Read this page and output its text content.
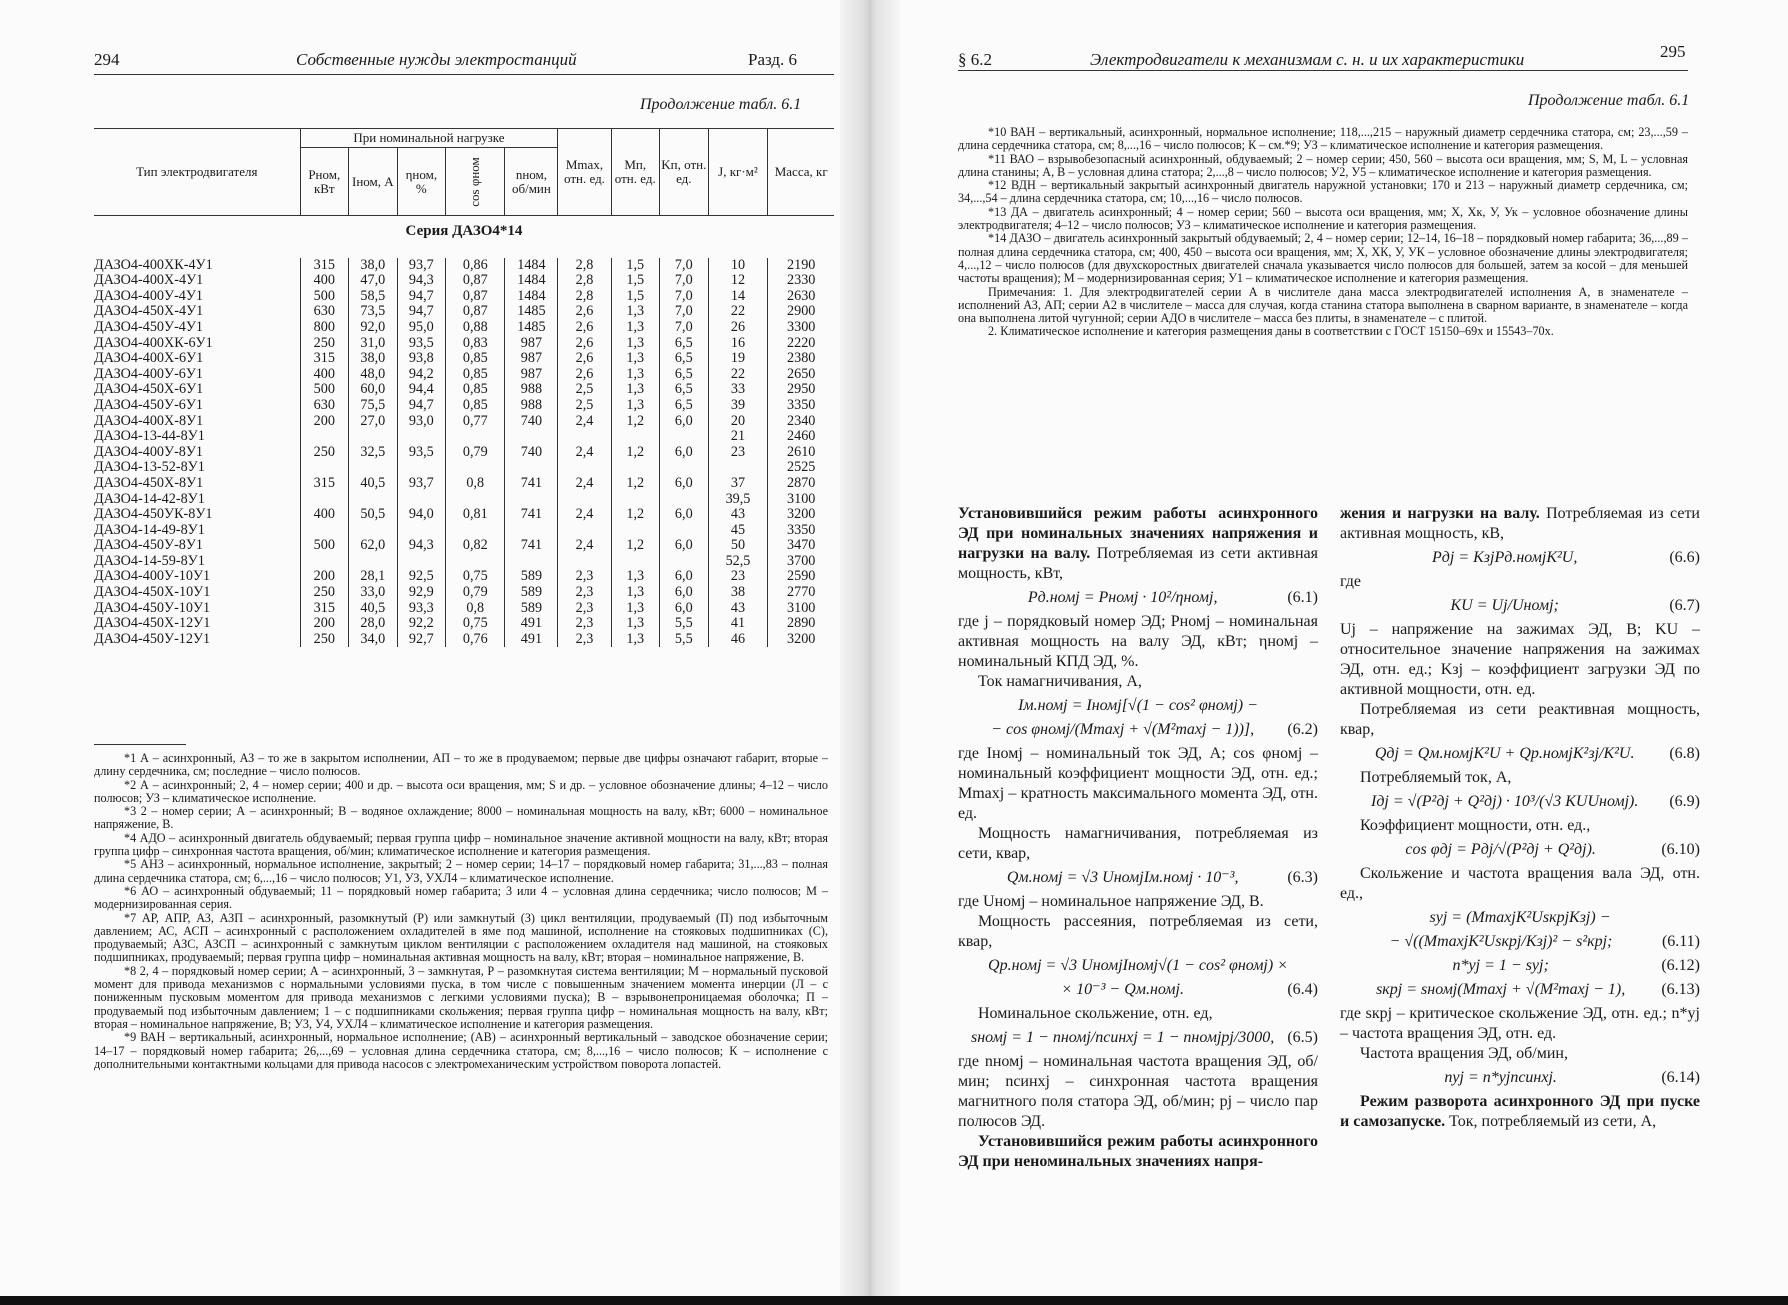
294	Собственные нужды электростанций	Разд. 6
Продолжение табл. 6.1
Тип электродвигателя	При номинальной нагрузке					Mmax, отн. ед.	Mп, отн. ед.	Kп, отн. ед.	J, кг·м²	Масса, кг
	Pном, кВт	Iном, А	ηном, %	cos φном	nном, об/мин					
Серия ДАЗО4*14										
ДАЗО4-400ХК-4У1	315	38,0	93,7	0,86	1484	2,8	1,5	7,0	10	2190
ДАЗО4-400Х-4У1	400	47,0	94,3	0,87	1484	2,8	1,5	7,0	12	2330
ДАЗО4-400У-4У1	500	58,5	94,7	0,87	1484	2,8	1,5	7,0	14	2630
ДАЗО4-450Х-4У1	630	73,5	94,7	0,87	1485	2,6	1,3	7,0	22	2900
ДАЗО4-450У-4У1	800	92,0	95,0	0,88	1485	2,6	1,3	7,0	26	3300
ДАЗО4-400ХК-6У1	250	31,0	93,5	0,83	987	2,6	1,3	6,5	16	2220
ДАЗО4-400Х-6У1	315	38,0	93,8	0,85	987	2,6	1,3	6,5	19	2380
ДАЗО4-400У-6У1	400	48,0	94,2	0,85	987	2,6	1,3	6,5	22	2650
ДАЗО4-450Х-6У1	500	60,0	94,4	0,85	988	2,5	1,3	6,5	33	2950
ДАЗО4-450У-6У1	630	75,5	94,7	0,85	988	2,5	1,3	6,5	39	3350
ДАЗО4-400Х-8У1	200	27,0	93,0	0,77	740	2,4	1,2	6,0	20	2340
ДАЗО4-13-44-8У1									21	2460
ДАЗО4-400У-8У1	250	32,5	93,5	0,79	740	2,4	1,2	6,0	23	2610
ДАЗО4-13-52-8У1										2525
ДАЗО4-450Х-8У1	315	40,5	93,7	0,8	741	2,4	1,2	6,0	37	2870
ДАЗО4-14-42-8У1									39,5	3100
ДАЗО4-450УК-8У1	400	50,5	94,0	0,81	741	2,4	1,2	6,0	43	3200
ДАЗО4-14-49-8У1									45	3350
ДАЗО4-450У-8У1	500	62,0	94,3	0,82	741	2,4	1,2	6,0	50	3470
ДАЗО4-14-59-8У1									52,5	3700
ДАЗО4-400У-10У1	200	28,1	92,5	0,75	589	2,3	1,3	6,0	23	2590
ДАЗО4-450Х-10У1	250	33,0	92,9	0,79	589	2,3	1,3	6,0	38	2770
ДАЗО4-450У-10У1	315	40,5	93,3	0,8	589	2,3	1,3	6,0	43	3100
ДАЗО4-450Х-12У1	200	28,0	92,2	0,75	491	2,3	1,3	5,5	41	2890
ДАЗО4-450У-12У1	250	34,0	92,7	0,76	491	2,3	1,3	5,5	46	3200

*1 А – асинхронный, АЗ – то же в закрытом исполнении, АП – то же в продуваемом; первые две цифры означают габарит, вторые – длину сердечника, см; последние – число полюсов.

*2 А – асинхронный; 2, 4 – номер серии; 400 и др. – высота оси вращения, мм; S и др. – условное обозначение длины; 4–12 – число полюсов; УЗ – климатическое исполнение.

*3 2 – номер серии; А – асинхронный; В – водяное охлаждение; 8000 – номинальная мощность на валу, кВт; 6000 – номинальное напряжение, В.

*4 АДО – асинхронный двигатель обдуваемый; первая группа цифр – номинальное значение активной мощности на валу, кВт; вторая группа цифр – синхронная частота вращения, об/мин; климатическое исполнение и категория размещения.

*5 АНЗ – асинхронный, нормальное исполнение, закрытый; 2 – номер серии; 14–17 – порядковый номер габарита; 31,...,83 – полная длина сердечника статора, см; 6,...,16 – число полюсов; У1, УЗ, УХЛ4 – климатическое исполнение.

*6 АО – асинхронный обдуваемый; 11 – порядковый номер габарита; 3 или 4 – условная длина сердечника; число полюсов; М – модернизированная серия.

*7 АР, АПР, АЗ, АЗП – асинхронный, разомкнутый (Р) или замкнутый (З) цикл вентиляции, продуваемый (П) под избыточным давлением; АС, АСП – асинхронный с расположением охладителей в яме под машиной, исполнение на стояковых подшипниках (С), продуваемый; АЗС, АЗСП – асинхронный с замкнутым циклом вентиляции с расположением охладителя над машиной, на стояковых подшипниках, продуваемый; первая группа цифр – номинальная активная мощность на валу, кВт; вторая – номинальное напряжение, В.

*8 2, 4 – порядковый номер серии; А – асинхронный, 3 – замкнутая, Р – разомкнутая система вентиляции; М – нормальный пусковой момент для привода механизмов с нормальными условиями пуска, в том числе с повышенным значением момента инерции (Л – с пониженным пусковым моментом для привода механизмов с легкими условиями пуска); В – взрывонепроницаемая оболочка; П – продуваемый под избыточным давлением; 1 – с подшипниками скольжения; первая группа цифр – номинальная мощность на валу, кВт; вторая – номинальное напряжение, В; У3, У4, УХЛ4 – климатическое исполнение и категория размещения.

*9 ВАН – вертикальный, асинхронный, нормальное исполнение; (АВ) – асинхронный вертикальный – заводское обозначение серии; 14–17 – порядковый номер габарита; 26,...,69 – условная длина сердечника статора, см; 8,...,16 – число полюсов; К – исполнение с дополнительными контактными кольцами для привода насосов с электромеханическим устройством поворота лопастей.

§ 6.2	Электродвигатели к механизмам с. н. и их характеристики	295
Продолжение табл. 6.1

*10 ВАН – вертикальный, асинхронный, нормальное исполнение; 118,...,215 – наружный диаметр сердечника статора, см; 23,...,59 – длина сердечника статора, см; 8,...,16 – число полюсов; К – см.*9; УЗ – климатическое исполнение и категория размещения.

*11 ВАО – взрывобезопасный асинхронный, обдуваемый; 2 – номер серии; 450, 560 – высота оси вращения, мм; S, M, L – условная длина станины; А, В – условная длина статора; 2,...,8 – число полюсов; У2, У5 – климатическое исполнение и категория размещения.

*12 ВДН – вертикальный закрытый асинхронный двигатель наружной установки; 170 и 213 – наружный диаметр сердечника, см; 34,...,54 – длина сердечника статора, см; 10,...,16 – число полюсов.

*13 ДА – двигатель асинхронный; 4 – номер серии; 560 – высота оси вращения, мм; Х, Хк, У, Ук – условное обозначение длины электродвигателя; 4–12 – число полюсов; УЗ – климатическое исполнение и категория размещения.

*14 ДАЗО – двигатель асинхронный закрытый обдуваемый; 2, 4 – номер серии; 12–14, 16–18 – порядковый номер габарита; 36,...,89 – полная длина сердечника статора, см; 400, 450 – высота оси вращения, мм; Х, ХК, У, УК – условное обозначение длины электродвигателя; 4,...,12 – число полюсов (для двухскоростных двигателей сначала указывается число полюсов для большей, затем за косой – для меньшей частоты вращения); М – модернизированная серия; У1 – климатическое исполнение и категория размещения.

Примечания: 1. Для электродвигателей серии А в числителе дана масса электродвигателей исполнения А, в знаменателе – исполнений АЗ, АП; серии А2 в числителе – масса для случая, когда станина статора выполнена в сварном варианте, в знаменателе – когда она выполнена литой чугунной; серии АДО в числителе – масса без плиты, в знаменателе – с плитой.

2. Климатическое исполнение и категория размещения даны в соответствии с ГОСТ 15150–69x и 15543–70x.

Установившийся режим работы асинхронного ЭД при номинальных значениях напряжения и нагрузки на валу. Потребляемая из сети активная мощность, кВт,

Pд.номj = Pномj · 10²/ηномj,	(6.1)

где j – порядковый номер ЭД; Pномj – номинальная активная мощность на валу ЭД, кВт; ηномj – номинальный КПД ЭД, %.

Ток намагничивания, А,

Iм.номj = Iномj[√(1 − cos² φномj) −
− cos φномj/(Mmaxj + √(M²maxj − 1))],	(6.2)

где Iномj – номинальный ток ЭД, А; cos φномj – номинальный коэффициент мощности ЭД, отн. ед.; Mmaxj – кратность максимального момента ЭД, отн. ед.

Мощность намагничивания, потребляемая из сети, квар,

Qм.номj = √3 UномjIм.номj · 10⁻³,	(6.3)

где Uномj – номинальное напряжение ЭД, В.

Мощность рассеяния, потребляемая из сети, квар,

Qр.номj = √3 UномjIномj√(1 − cos² φномj) ×
× 10⁻³ − Qм.номj.	(6.4)

Номинальное скольжение, отн. ед,

sномj = 1 − nномj/nсинхj = 1 − nномjpj/3000, (6.5)

где nномj – номинальная частота вращения ЭД, об/мин; nсинхj – синхронная частота вращения магнитного поля статора ЭД, об/мин; pj – число пар полюсов ЭД.

Установившийся режим работы асинхронного ЭД при неноминальных значениях напря-

жения и нагрузки на валу. Потребляемая из сети активная мощность, кВ,

Pдj = KзjPд.номjK²U,	(6.6)

где

KU = Uj/Uномj;	(6.7)

Uj – напряжение на зажимах ЭД, В; KU – относительное значение напряжения на зажимах ЭД, отн. ед.; Kзj – коэффициент загрузки ЭД по активной мощности, отн. ед.

Потребляемая из сети реактивная мощность, квар,

Qдj = Qм.номjK²U + Qр.номjK²зj/K²U.	(6.8)

Потребляемый ток, А,

Iдj = √(P²дj + Q²дj) · 10³/(√3 KUUномj).	(6.9)

Коэффициент мощности, отн. ед.,

cos φдj = Pдj/√(P²дj + Q²дj).	(6.10)

Скольжение и частота вращения вала ЭД, отн. ед.,

syj = (MmaxjK²UsкрjKзj) −
− √((MmaxjK²Usкрj/Kзj)² − s²крj;	(6.11)
n*yj = 1 − syj;	(6.12)
sкрj = sномj(Mmaxj + √(M²maxj − 1),	(6.13)

где sкрj – критическое скольжение ЭД, отн. ед.; n*yj – частота вращения ЭД, отн. ед.

Частота вращения ЭД, об/мин,

nyj = n*yjnсинхj.	(6.14)

Режим разворота асинхронного ЭД при пуске и самозапуске. Ток, потребляемый из сети, А,
